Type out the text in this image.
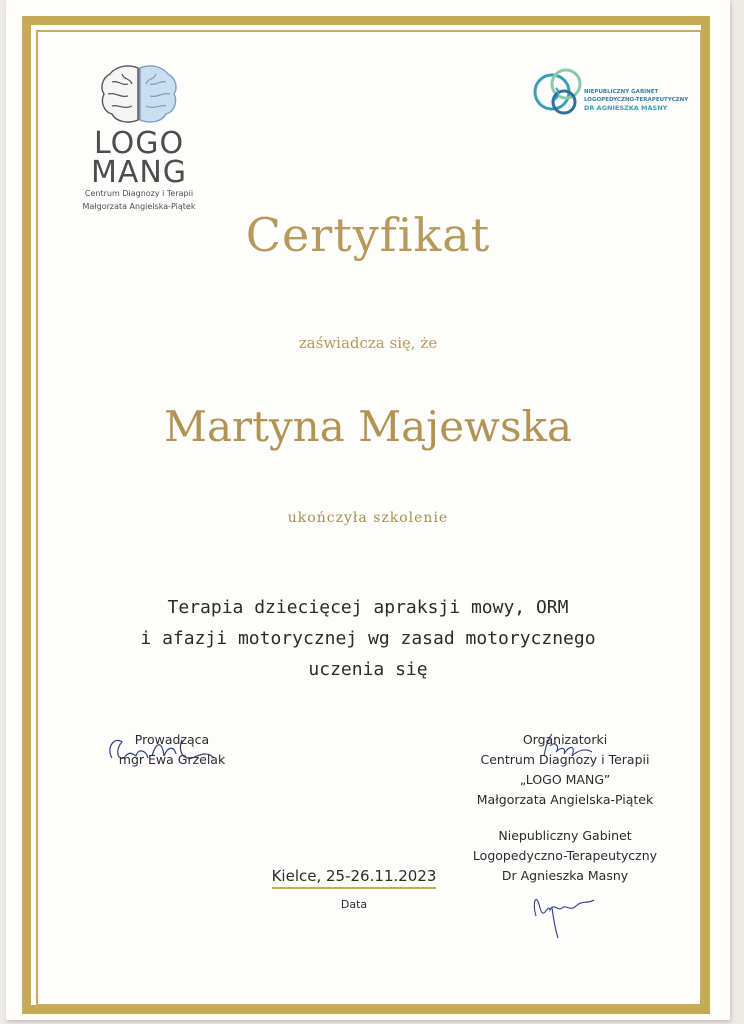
LOGO
MANG
Centrum Diagnozy i Terapii
Małgorzata Angielska-Piątek
NIEPUBLICZNY GABINET
LOGOPEDYCZNO-TERAPEUTYCZNY
DR AGNIESZKA MASNY
Certyfikat
zaświadcza się, że
Martyna Majewska
ukończyła szkolenie
Terapia dziecięcej apraksji mowy, ORM
i afazji motorycznej wg zasad motorycznego
uczenia się
Prowadząca
mgr Ewa Grzelak
Organizatorki
Centrum Diagnozy i Terapii
„LOGO MANG”
Małgorzata Angielska-Piątek
Niepubliczny Gabinet
Logopedyczno-Terapeutyczny
Dr Agnieszka Masny
Kielce, 25-26.11.2023
Data
